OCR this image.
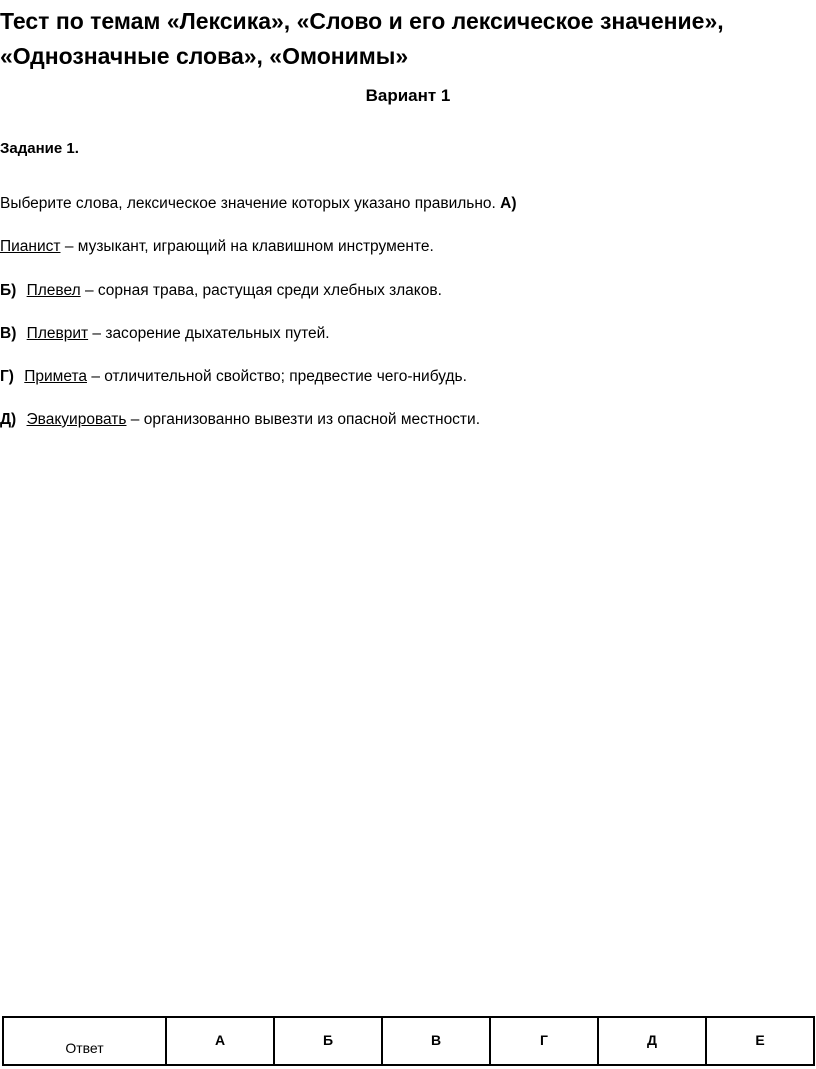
Тест по темам «Лексика», «Слово и его лексическое значение», «Однозначные слова», «Омонимы»
Вариант 1
Задание 1.
Выберите слова, лексическое значение которых указано правильно. А)
Пианист – музыкант, играющий на клавишном инструменте.
Б) Плевел – сорная трава, растущая среди хлебных злаков.
В) Плеврит – засорение дыхательных путей.
Г) Примета – отличительной свойство; предвестие чего-нибудь.
Д) Эвакуировать – организованно вывезти из опасной местности.
Ответ	А	Б	В	Г	Д	Е
